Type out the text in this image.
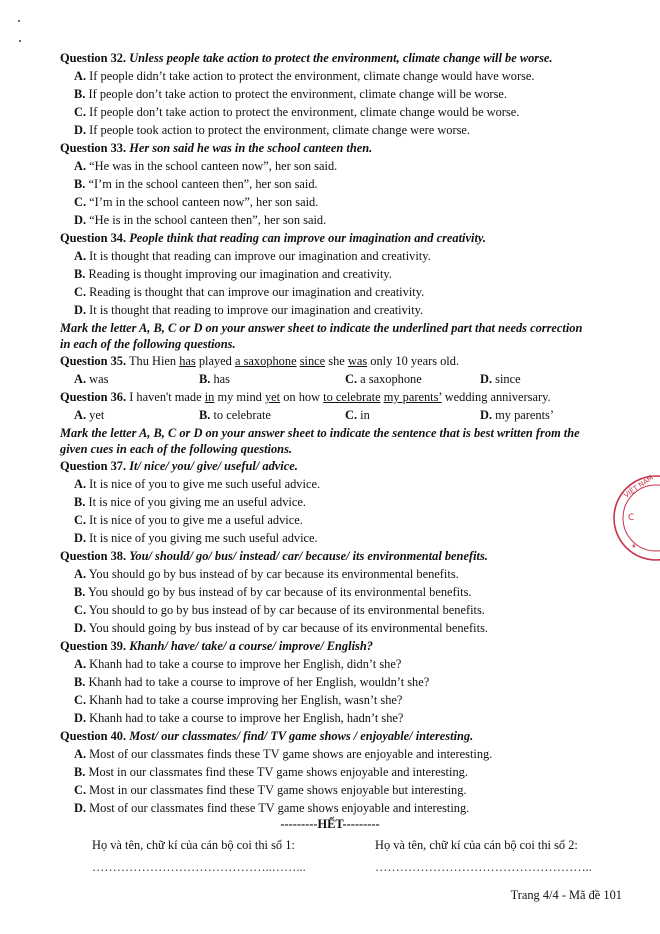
Question 32. Unless people take action to protect the environment, climate change will be worse.
A. If people didn’t take action to protect the environment, climate change would have worse.
B. If people don’t take action to protect the environment, climate change will be worse.
C. If people don’t take action to protect the environment, climate change would be worse.
D. If people took action to protect the environment, climate change were worse.
Question 33. Her son said he was in the school canteen then.
A. “He was in the school canteen now”, her son said.
B. “I’m in the school canteen then”, her son said.
C. “I’m in the school canteen now”, her son said.
D. “He is in the school canteen then”, her son said.
Question 34. People think that reading can improve our imagination and creativity.
A. It is thought that reading can improve our imagination and creativity.
B. Reading is thought improving our imagination and creativity.
C. Reading is thought that can improve our imagination and creativity.
D. It is thought that reading to improve our imagination and creativity.
Mark the letter A, B, C or D on your answer sheet to indicate the underlined part that needs correction
in each of the following questions.
Question 35. Thu Hien has played a saxophone since she was only 10 years old.
A. was	B. has	C. a saxophone	D. since
Question 36. I haven't made in my mind yet on how to celebrate my parents’ wedding anniversary.
A. yet	B. to celebrate	C. in	D. my parents’
Mark the letter A, B, C or D on your answer sheet to indicate the sentence that is best written from the
given cues in each of the following questions.
Question 37. It/ nice/ you/ give/ useful/ advice.
A. It is nice of you to give me such useful advice.
B. It is nice of you giving me an useful advice.
C. It is nice of you to give me a useful advice.
D. It is nice of you giving me such useful advice.
Question 38. You/ should/ go/ bus/ instead/ car/ because/ its environmental benefits.
A. You should go by bus instead of by car because its environmental benefits.
B. You should go by bus instead of by car because of its environmental benefits.
C. You should to go by bus instead of by car because of its environmental benefits.
D. You should going by bus instead of by car because of its environmental benefits.
Question 39. Khanh/ have/ take/ a course/ improve/ English?
A. Khanh had to take a course to improve her English, didn’t she?
B. Khanh had to take a course to improve of her English, wouldn’t she?
C. Khanh had to take a course improving her English, wasn’t she?
D. Khanh had to take a course to improve her English, hadn’t she?
Question 40. Most/ our classmates/ find/ TV game shows / enjoyable/ interesting.
A. Most of our classmates finds these TV game shows are enjoyable and interesting.
B. Most in our classmates find these TV game shows enjoyable and interesting.
C. Most in our classmates find these TV game shows enjoyable but interesting.
D. Most of our classmates find these TV game shows enjoyable and interesting.
---------HẾT---------
Họ và tên, chữ kí của cán bộ coi thi số 1:	Họ và tên, chữ kí của cán bộ coi thi số 2:
……………………………………..……...	……………………………………………..
Trang 4/4 - Mã đề 101
VIỆT NAM
C
✶
